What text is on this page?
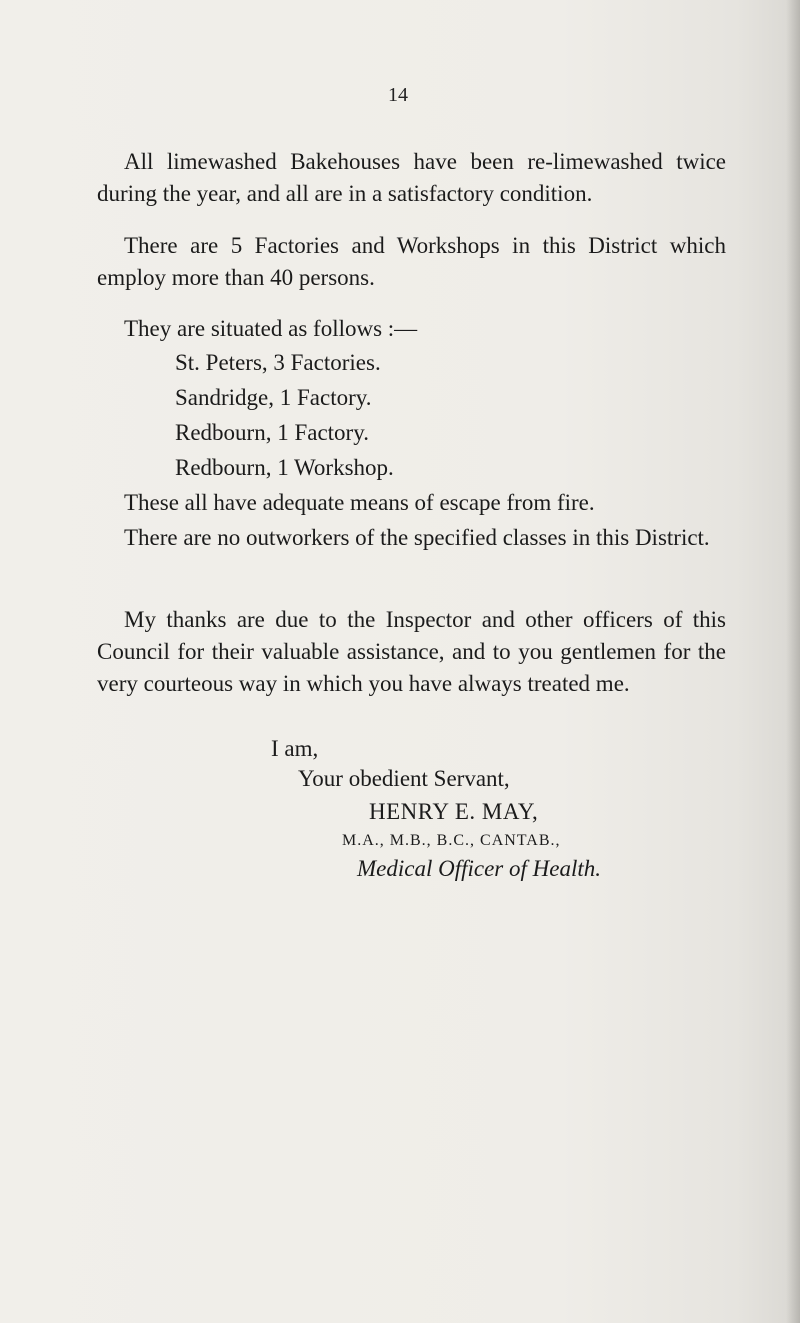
14

All limewashed Bakehouses have been re-limewashed twice during the year, and all are in a satisfactory condition.

There are 5 Factories and Workshops in this District which employ more than 40 persons.

They are situated as follows :—

St. Peters, 3 Factories.
Sandridge, 1 Factory.
Redbourn, 1 Factory.
Redbourn, 1 Workshop.

These all have adequate means of escape from fire.

There are no outworkers of the specified classes in this District.

My thanks are due to the Inspector and other officers of this Council for their valuable assistance, and to you gentlemen for the very courteous way in which you have always treated me.

I am,

Your obedient Servant,

HENRY E. MAY,

M.A., M.B., B.C., CANTAB.,

Medical Officer of Health.
